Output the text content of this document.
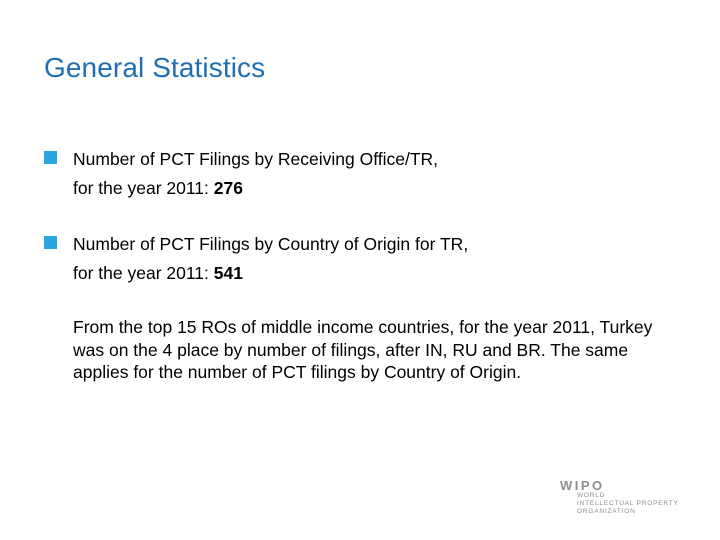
General Statistics
Number of PCT Filings by Receiving Office/TR,
for the year 2011: 276
Number of PCT Filings by Country of Origin for TR,
for the year 2011: 541

From the top 15 ROs of middle income countries, for the year 2011, Turkey was on the 4 place by number of filings, after IN, RU and BR. The same applies for the number of PCT filings by Country of Origin.

WIPO
WORLD
INTELLECTUAL PROPERTY
ORGANIZATION
